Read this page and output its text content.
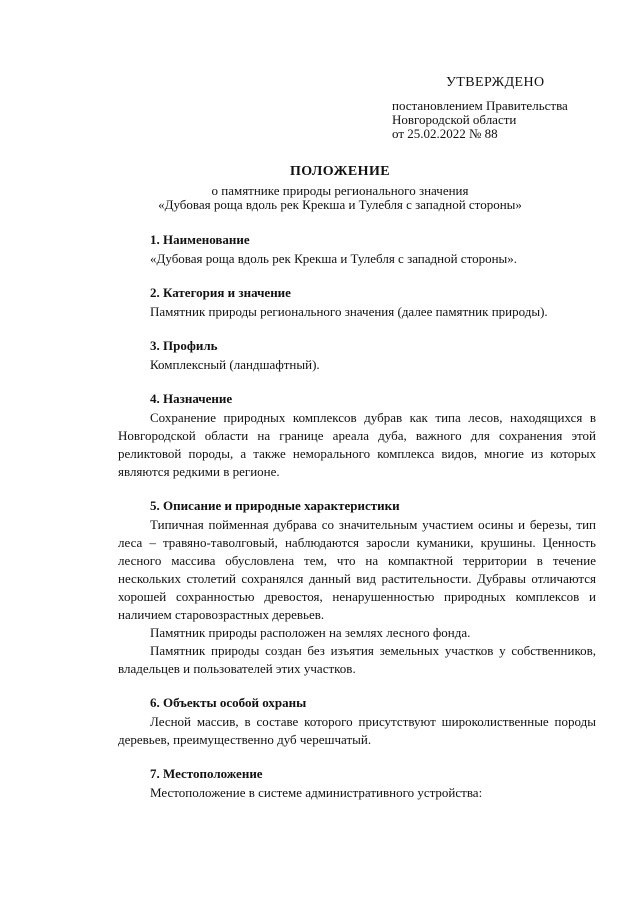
УТВЕРЖДЕНО
постановлением Правительства
Новгородской области
от 25.02.2022 № 88
ПОЛОЖЕНИЕ
о памятнике природы регионального значения
«Дубовая роща вдоль рек Крекша и Тулебля с западной стороны»
1. Наименование

«Дубовая роща вдоль рек Крекша и Тулебля с западной стороны».

2. Категория и значение

Памятник природы регионального значения (далее памятник природы).

3. Профиль

Комплексный (ландшафтный).

4. Назначение

Сохранение природных комплексов дубрав как типа лесов, находящихся в Новгородской области на границе ареала дуба, важного для сохранения этой реликтовой породы, а также неморального комплекса видов, многие из которых являются редкими в регионе.

5. Описание и природные характеристики

Типичная пойменная дубрава со значительным участием осины и березы, тип леса – травяно-таволговый, наблюдаются заросли куманики, крушины. Ценность лесного массива обусловлена тем, что на компактной территории в течение нескольких столетий сохранялся данный вид растительности. Дубравы отличаются хорошей сохранностью древостоя, ненарушенностью природных комплексов и наличием старовозрастных деревьев.

Памятник природы расположен на землях лесного фонда.

Памятник природы создан без изъятия земельных участков у собственников, владельцев и пользователей этих участков.

6. Объекты особой охраны

Лесной массив, в составе которого присутствуют широколиственные породы деревьев, преимущественно дуб черешчатый.

7. Местоположение

Местоположение в системе административного устройства:
